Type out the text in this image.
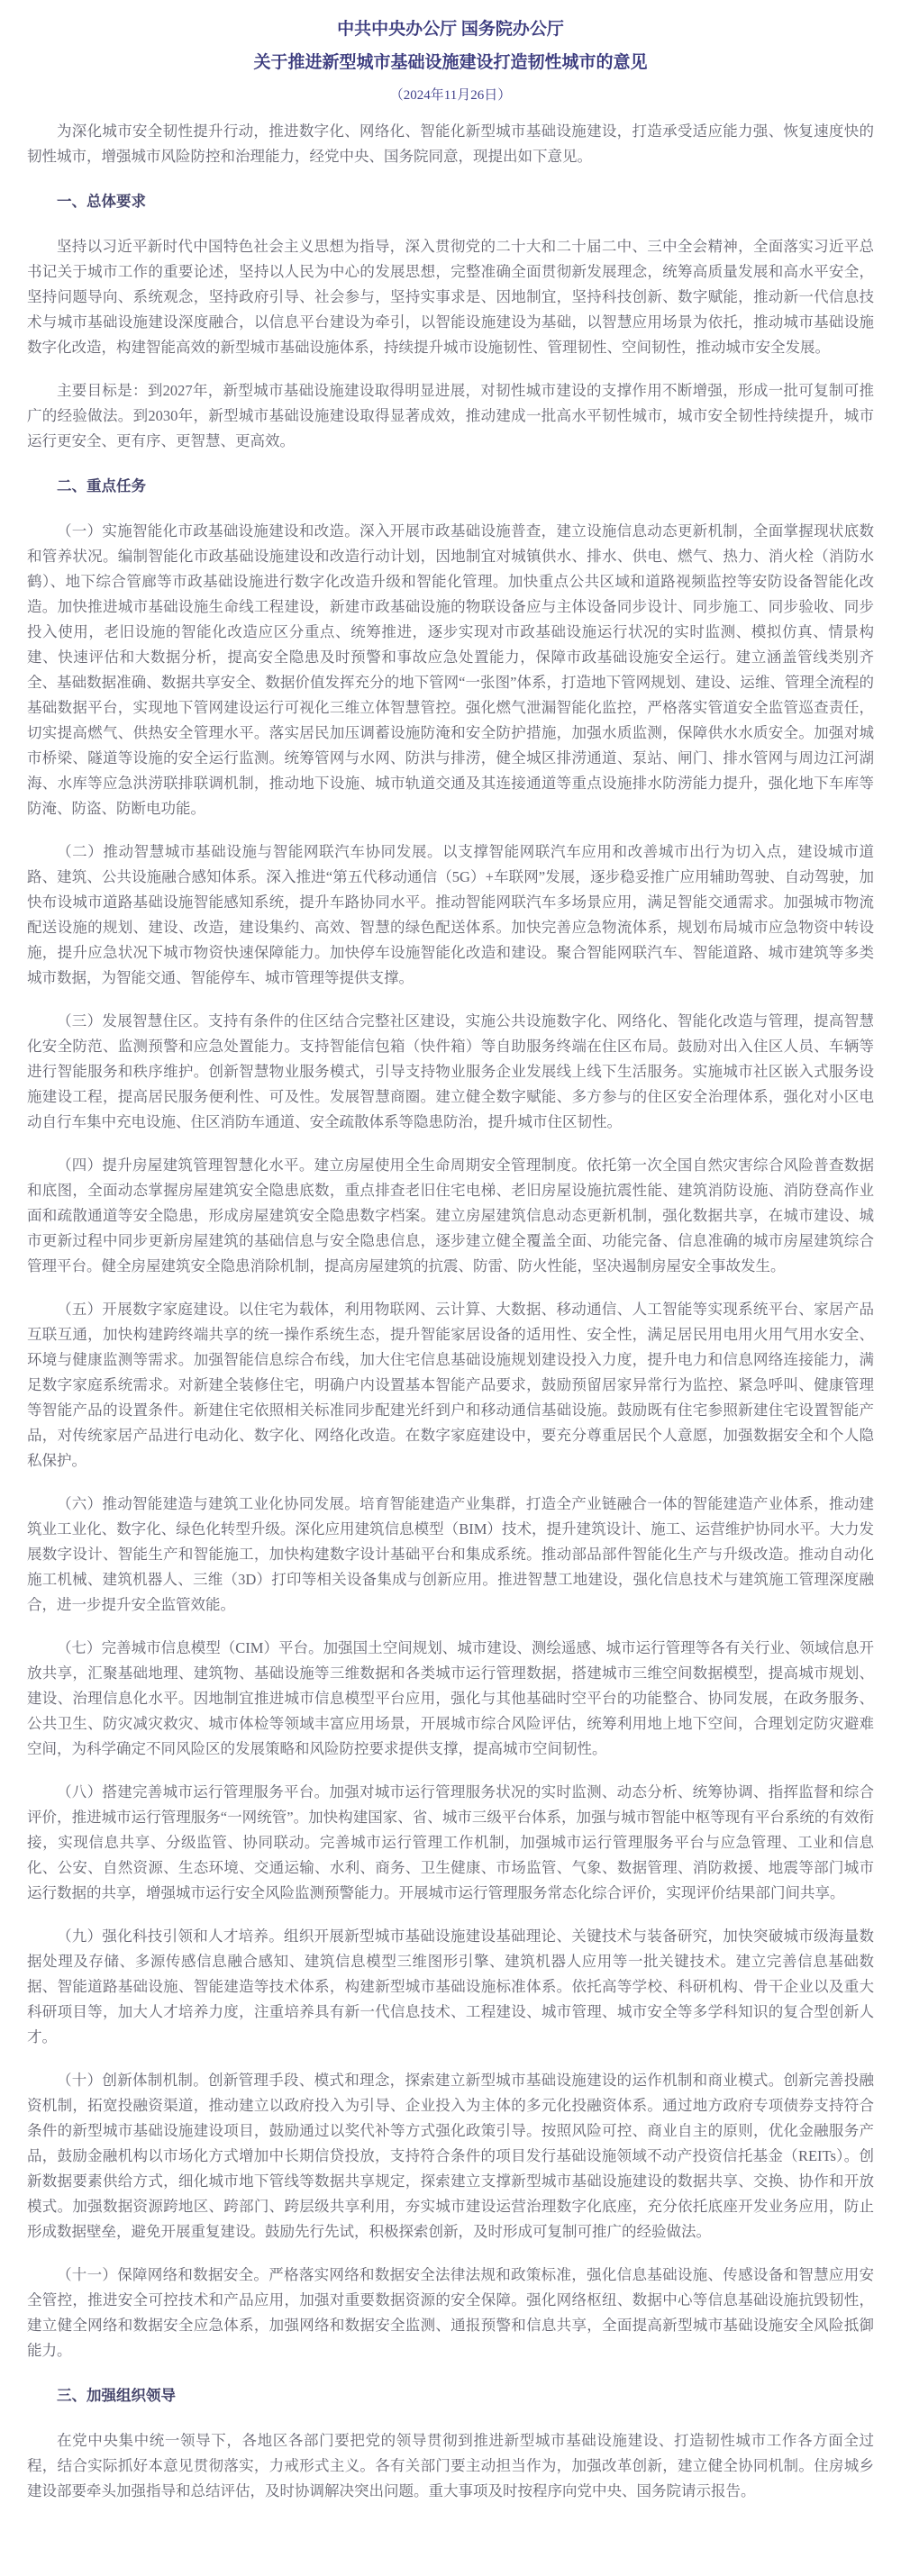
中共中央办公厅 国务院办公厅
关于推进新型城市基础设施建设打造韧性城市的意见
（2024年11月26日）

为深化城市安全韧性提升行动，推进数字化、网络化、智能化新型城市基础设施建设，打造承受适应能力强、恢复速度快的韧性城市，增强城市风险防控和治理能力，经党中央、国务院同意，现提出如下意见。

一、总体要求

坚持以习近平新时代中国特色社会主义思想为指导，深入贯彻党的二十大和二十届二中、三中全会精神，全面落实习近平总书记关于城市工作的重要论述，坚持以人民为中心的发展思想，完整准确全面贯彻新发展理念，统筹高质量发展和高水平安全，坚持问题导向、系统观念，坚持政府引导、社会参与，坚持实事求是、因地制宜，坚持科技创新、数字赋能，推动新一代信息技术与城市基础设施建设深度融合，以信息平台建设为牵引，以智能设施建设为基础，以智慧应用场景为依托，推动城市基础设施数字化改造，构建智能高效的新型城市基础设施体系，持续提升城市设施韧性、管理韧性、空间韧性，推动城市安全发展。

主要目标是：到2027年，新型城市基础设施建设取得明显进展，对韧性城市建设的支撑作用不断增强，形成一批可复制可推广的经验做法。到2030年，新型城市基础设施建设取得显著成效，推动建成一批高水平韧性城市，城市安全韧性持续提升，城市运行更安全、更有序、更智慧、更高效。

二、重点任务

（一）实施智能化市政基础设施建设和改造。深入开展市政基础设施普查，建立设施信息动态更新机制，全面掌握现状底数和管养状况。编制智能化市政基础设施建设和改造行动计划，因地制宜对城镇供水、排水、供电、燃气、热力、消火栓（消防水鹤）、地下综合管廊等市政基础设施进行数字化改造升级和智能化管理。加快重点公共区域和道路视频监控等安防设备智能化改造。加快推进城市基础设施生命线工程建设，新建市政基础设施的物联设备应与主体设备同步设计、同步施工、同步验收、同步投入使用，老旧设施的智能化改造应区分重点、统筹推进，逐步实现对市政基础设施运行状况的实时监测、模拟仿真、情景构建、快速评估和大数据分析，提高安全隐患及时预警和事故应急处置能力，保障市政基础设施安全运行。建立涵盖管线类别齐全、基础数据准确、数据共享安全、数据价值发挥充分的地下管网“一张图”体系，打造地下管网规划、建设、运维、管理全流程的基础数据平台，实现地下管网建设运行可视化三维立体智慧管控。强化燃气泄漏智能化监控，严格落实管道安全监管巡查责任，切实提高燃气、供热安全管理水平。落实居民加压调蓄设施防淹和安全防护措施，加强水质监测，保障供水水质安全。加强对城市桥梁、隧道等设施的安全运行监测。统筹管网与水网、防洪与排涝，健全城区排涝通道、泵站、闸门、排水管网与周边江河湖海、水库等应急洪涝联排联调机制，推动地下设施、城市轨道交通及其连接通道等重点设施排水防涝能力提升，强化地下车库等防淹、防盗、防断电功能。

（二）推动智慧城市基础设施与智能网联汽车协同发展。以支撑智能网联汽车应用和改善城市出行为切入点，建设城市道路、建筑、公共设施融合感知体系。深入推进“第五代移动通信（5G）+车联网”发展，逐步稳妥推广应用辅助驾驶、自动驾驶，加快布设城市道路基础设施智能感知系统，提升车路协同水平。推动智能网联汽车多场景应用，满足智能交通需求。加强城市物流配送设施的规划、建设、改造，建设集约、高效、智慧的绿色配送体系。加快完善应急物流体系，规划布局城市应急物资中转设施，提升应急状况下城市物资快速保障能力。加快停车设施智能化改造和建设。聚合智能网联汽车、智能道路、城市建筑等多类城市数据，为智能交通、智能停车、城市管理等提供支撑。

（三）发展智慧住区。支持有条件的住区结合完整社区建设，实施公共设施数字化、网络化、智能化改造与管理，提高智慧化安全防范、监测预警和应急处置能力。支持智能信包箱（快件箱）等自助服务终端在住区布局。鼓励对出入住区人员、车辆等进行智能服务和秩序维护。创新智慧物业服务模式，引导支持物业服务企业发展线上线下生活服务。实施城市社区嵌入式服务设施建设工程，提高居民服务便利性、可及性。发展智慧商圈。建立健全数字赋能、多方参与的住区安全治理体系，强化对小区电动自行车集中充电设施、住区消防车通道、安全疏散体系等隐患防治，提升城市住区韧性。

（四）提升房屋建筑管理智慧化水平。建立房屋使用全生命周期安全管理制度。依托第一次全国自然灾害综合风险普查数据和底图，全面动态掌握房屋建筑安全隐患底数，重点排查老旧住宅电梯、老旧房屋设施抗震性能、建筑消防设施、消防登高作业面和疏散通道等安全隐患，形成房屋建筑安全隐患数字档案。建立房屋建筑信息动态更新机制，强化数据共享，在城市建设、城市更新过程中同步更新房屋建筑的基础信息与安全隐患信息，逐步建立健全覆盖全面、功能完备、信息准确的城市房屋建筑综合管理平台。健全房屋建筑安全隐患消除机制，提高房屋建筑的抗震、防雷、防火性能，坚决遏制房屋安全事故发生。

（五）开展数字家庭建设。以住宅为载体，利用物联网、云计算、大数据、移动通信、人工智能等实现系统平台、家居产品互联互通，加快构建跨终端共享的统一操作系统生态，提升智能家居设备的适用性、安全性，满足居民用电用火用气用水安全、环境与健康监测等需求。加强智能信息综合布线，加大住宅信息基础设施规划建设投入力度，提升电力和信息网络连接能力，满足数字家庭系统需求。对新建全装修住宅，明确户内设置基本智能产品要求，鼓励预留居家异常行为监控、紧急呼叫、健康管理等智能产品的设置条件。新建住宅依照相关标准同步配建光纤到户和移动通信基础设施。鼓励既有住宅参照新建住宅设置智能产品，对传统家居产品进行电动化、数字化、网络化改造。在数字家庭建设中，要充分尊重居民个人意愿，加强数据安全和个人隐私保护。

（六）推动智能建造与建筑工业化协同发展。培育智能建造产业集群，打造全产业链融合一体的智能建造产业体系，推动建筑业工业化、数字化、绿色化转型升级。深化应用建筑信息模型（BIM）技术，提升建筑设计、施工、运营维护协同水平。大力发展数字设计、智能生产和智能施工，加快构建数字设计基础平台和集成系统。推动部品部件智能化生产与升级改造。推动自动化施工机械、建筑机器人、三维（3D）打印等相关设备集成与创新应用。推进智慧工地建设，强化信息技术与建筑施工管理深度融合，进一步提升安全监管效能。

（七）完善城市信息模型（CIM）平台。加强国土空间规划、城市建设、测绘遥感、城市运行管理等各有关行业、领域信息开放共享，汇聚基础地理、建筑物、基础设施等三维数据和各类城市运行管理数据，搭建城市三维空间数据模型，提高城市规划、建设、治理信息化水平。因地制宜推进城市信息模型平台应用，强化与其他基础时空平台的功能整合、协同发展，在政务服务、公共卫生、防灾减灾救灾、城市体检等领域丰富应用场景，开展城市综合风险评估，统筹利用地上地下空间，合理划定防灾避难空间，为科学确定不同风险区的发展策略和风险防控要求提供支撑，提高城市空间韧性。

（八）搭建完善城市运行管理服务平台。加强对城市运行管理服务状况的实时监测、动态分析、统筹协调、指挥监督和综合评价，推进城市运行管理服务“一网统管”。加快构建国家、省、城市三级平台体系，加强与城市智能中枢等现有平台系统的有效衔接，实现信息共享、分级监管、协同联动。完善城市运行管理工作机制，加强城市运行管理服务平台与应急管理、工业和信息化、公安、自然资源、生态环境、交通运输、水利、商务、卫生健康、市场监管、气象、数据管理、消防救援、地震等部门城市运行数据的共享，增强城市运行安全风险监测预警能力。开展城市运行管理服务常态化综合评价，实现评价结果部门间共享。

（九）强化科技引领和人才培养。组织开展新型城市基础设施建设基础理论、关键技术与装备研究，加快突破城市级海量数据处理及存储、多源传感信息融合感知、建筑信息模型三维图形引擎、建筑机器人应用等一批关键技术。建立完善信息基础数据、智能道路基础设施、智能建造等技术体系，构建新型城市基础设施标准体系。依托高等学校、科研机构、骨干企业以及重大科研项目等，加大人才培养力度，注重培养具有新一代信息技术、工程建设、城市管理、城市安全等多学科知识的复合型创新人才。

（十）创新体制机制。创新管理手段、模式和理念，探索建立新型城市基础设施建设的运作机制和商业模式。创新完善投融资机制，拓宽投融资渠道，推动建立以政府投入为引导、企业投入为主体的多元化投融资体系。通过地方政府专项债券支持符合条件的新型城市基础设施建设项目，鼓励通过以奖代补等方式强化政策引导。按照风险可控、商业自主的原则，优化金融服务产品，鼓励金融机构以市场化方式增加中长期信贷投放，支持符合条件的项目发行基础设施领域不动产投资信托基金（REITs）。创新数据要素供给方式，细化城市地下管线等数据共享规定，探索建立支撑新型城市基础设施建设的数据共享、交换、协作和开放模式。加强数据资源跨地区、跨部门、跨层级共享利用，夯实城市建设运营治理数字化底座，充分依托底座开发业务应用，防止形成数据壁垒，避免开展重复建设。鼓励先行先试，积极探索创新，及时形成可复制可推广的经验做法。

（十一）保障网络和数据安全。严格落实网络和数据安全法律法规和政策标准，强化信息基础设施、传感设备和智慧应用安全管控，推进安全可控技术和产品应用，加强对重要数据资源的安全保障。强化网络枢纽、数据中心等信息基础设施抗毁韧性，建立健全网络和数据安全应急体系，加强网络和数据安全监测、通报预警和信息共享，全面提高新型城市基础设施安全风险抵御能力。

三、加强组织领导

在党中央集中统一领导下，各地区各部门要把党的领导贯彻到推进新型城市基础设施建设、打造韧性城市工作各方面全过程，结合实际抓好本意见贯彻落实，力戒形式主义。各有关部门要主动担当作为，加强改革创新，建立健全协同机制。住房城乡建设部要牵头加强指导和总结评估，及时协调解决突出问题。重大事项及时按程序向党中央、国务院请示报告。
